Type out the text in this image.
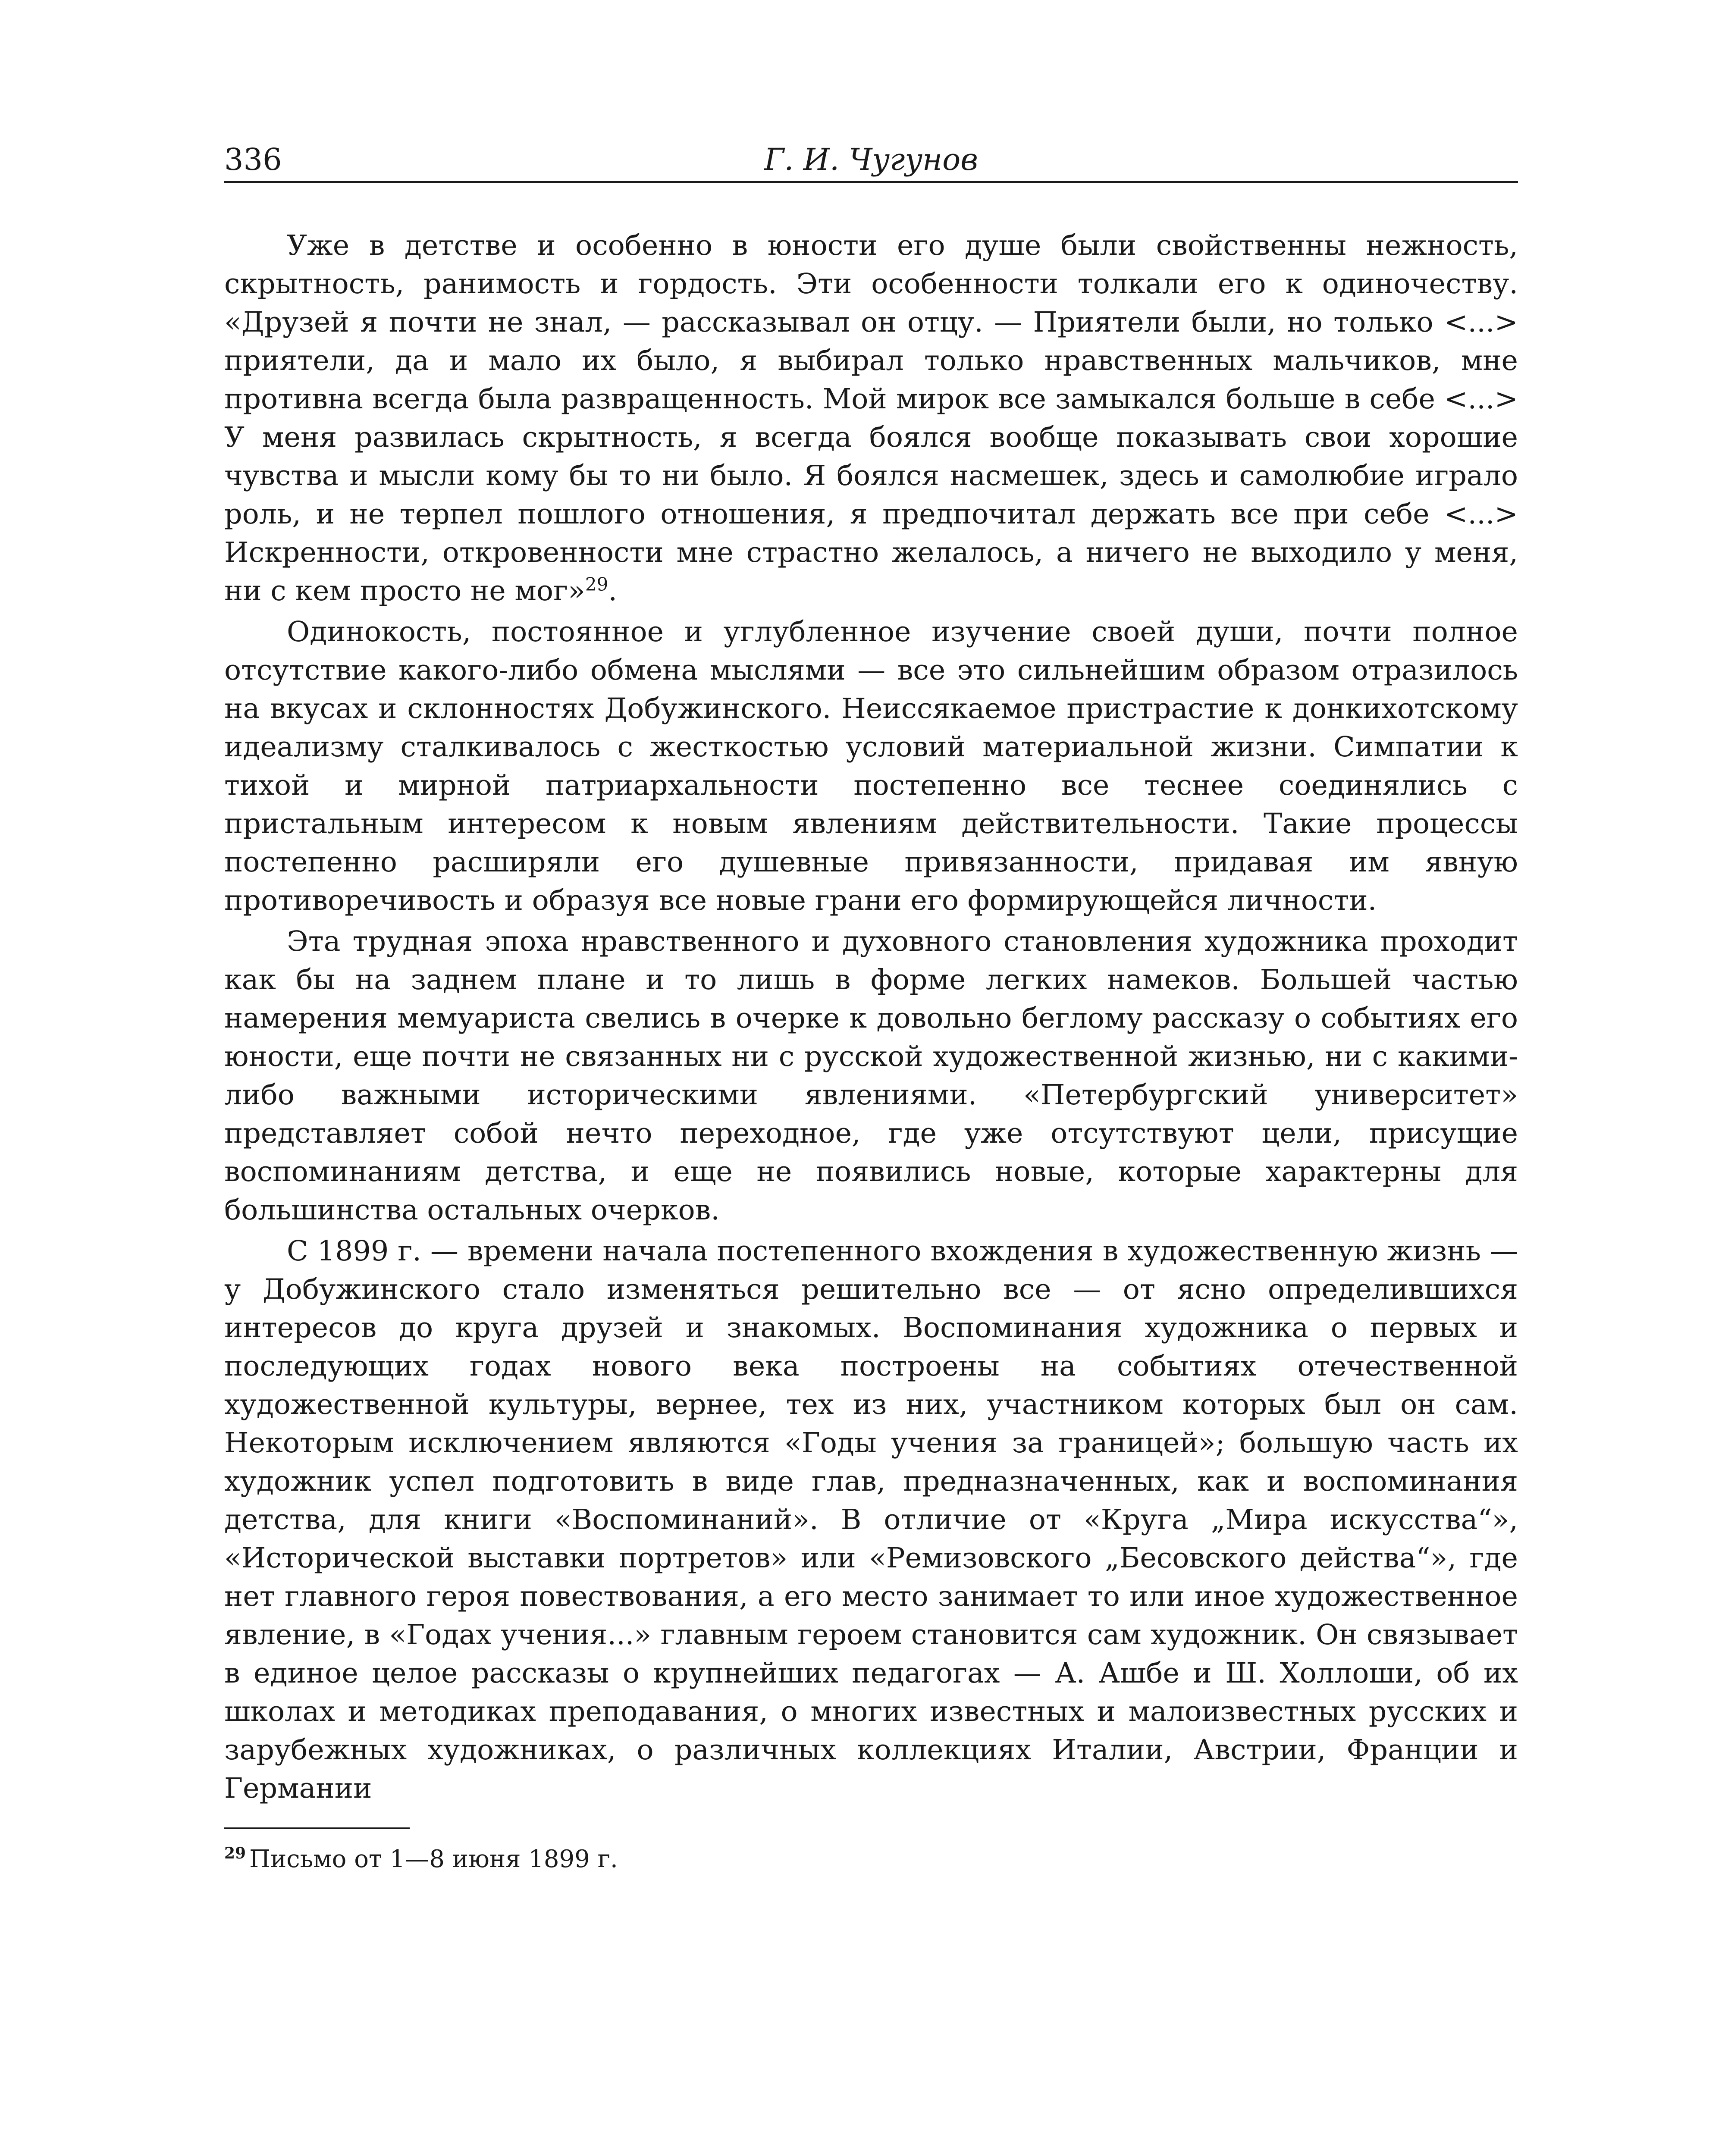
336	Г. И. Чугунов

Уже в детстве и особенно в юности его душе были свойственны нежность, скрытность, ранимость и гордость. Эти особенности толкали его к одиночеству. «Друзей я почти не знал, — рассказывал он отцу. — Приятели были, но только <...> приятели, да и мало их было, я выбирал только нравственных мальчиков, мне противна всегда была развращенность. Мой мирок все замыкался больше в себе <...> У меня развилась скрытность, я всегда боялся вообще показывать свои хорошие чувства и мысли кому бы то ни было. Я боялся насмешек, здесь и самолюбие играло роль, и не терпел пошлого отношения, я предпочитал держать все при себе <...> Искренности, откровенности мне страстно желалось, а ничего не выходило у меня, ни с кем просто не мог»$^{29}$.

Одинокость, постоянное и углубленное изучение своей души, почти полное отсутствие какого-либо обмена мыслями — все это сильнейшим образом отразилось на вкусах и склонностях Добужинского. Неиссякаемое пристрастие к донкихотскому идеализму сталкивалось с жесткостью условий материальной жизни. Симпатии к тихой и мирной патриархальности постепенно все теснее соединялись с пристальным интересом к новым явлениям действительности. Такие процессы постепенно расширяли его душевные привязанности, придавая им явную противоречивость и образуя все новые грани его формирующейся личности.

Эта трудная эпоха нравственного и духовного становления художника проходит как бы на заднем плане и то лишь в форме легких намеков. Большей частью намерения мемуариста свелись в очерке к довольно беглому рассказу о событиях его юности, еще почти не связанных ни с русской художественной жизнью, ни с какими-либо важными историческими явлениями. «Петербургский университет» представляет собой нечто переходное, где уже отсутствуют цели, присущие воспоминаниям детства, и еще не появились новые, которые характерны для большинства остальных очерков.

С 1899 г. — времени начала постепенного вхождения в художественную жизнь — у Добужинского стало изменяться решительно все — от ясно определившихся интересов до круга друзей и знакомых. Воспоминания художника о первых и последующих годах нового века построены на событиях отечественной художественной культуры, вернее, тех из них, участником которых был он сам. Некоторым исключением являются «Годы учения за границей»; большую часть их художник успел подготовить в виде глав, предназначенных, как и воспоминания детства, для книги «Воспоминаний». В отличие от «Круга „Мира искусства“», «Исторической выставки портретов» или «Ремизовского „Бесовского действа“», где нет главного героя повествования, а его место занимает то или иное художественное явление, в «Годах учения...» главным героем становится сам художник. Он связывает в единое целое рассказы о крупнейших педагогах — А. Ашбе и Ш. Холлоши, об их школах и методиках преподавания, о многих известных и малоизвестных русских и зарубежных художниках, о различных коллекциях Италии, Австрии, Франции и Германии

$^{29}$ Письмо от 1—8 июня 1899 г.
